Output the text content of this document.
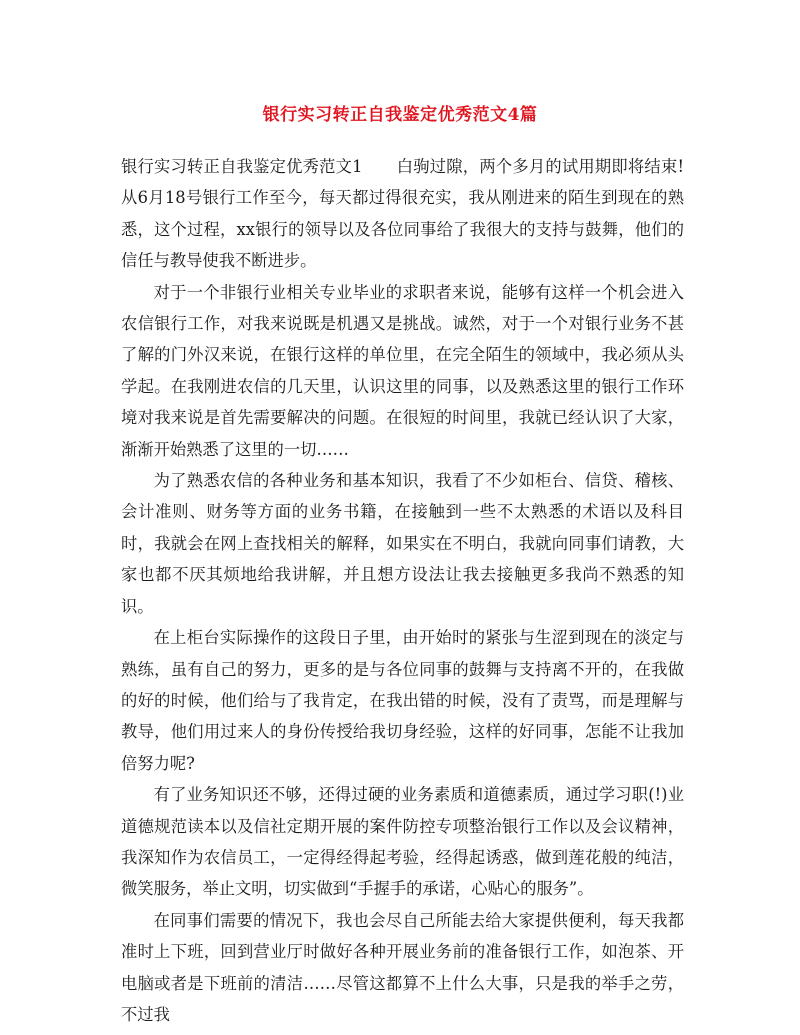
银行实习转正自我鉴定优秀范文4篇

银行实习转正自我鉴定优秀范文1 白驹过隙，两个多月的试用期即将结束!从6月18号银行工作至今，每天都过得很充实，我从刚进来的陌生到现在的熟悉，这个过程，xx银行的领导以及各位同事给了我很大的支持与鼓舞，他们的信任与教导使我不断进步。

对于一个非银行业相关专业毕业的求职者来说，能够有这样一个机会进入农信银行工作，对我来说既是机遇又是挑战。诚然，对于一个对银行业务不甚了解的门外汉来说，在银行这样的单位里，在完全陌生的领域中，我必须从头学起。在我刚进农信的几天里，认识这里的同事，以及熟悉这里的银行工作环境对我来说是首先需要解决的问题。在很短的时间里，我就已经认识了大家，渐渐开始熟悉了这里的一切……

为了熟悉农信的各种业务和基本知识，我看了不少如柜台、信贷、稽核、会计准则、财务等方面的业务书籍，在接触到一些不太熟悉的术语以及科目时，我就会在网上查找相关的解释，如果实在不明白，我就向同事们请教，大家也都不厌其烦地给我讲解，并且想方设法让我去接触更多我尚不熟悉的知识。

在上柜台实际操作的这段日子里，由开始时的紧张与生涩到现在的淡定与熟练，虽有自己的努力，更多的是与各位同事的鼓舞与支持离不开的，在我做的好的时候，他们给与了我肯定，在我出错的时候，没有了责骂，而是理解与教导，他们用过来人的身份传授给我切身经验，这样的好同事，怎能不让我加倍努力呢?

有了业务知识还不够，还得过硬的业务素质和道德素质，通过学习职(!)业道德规范读本以及信社定期开展的案件防控专项整治银行工作以及会议精神， 我深知作为农信员工，一定得经得起考验，经得起诱惑，做到莲花般的纯洁，微笑服务，举止文明，切实做到“手握手的承诺，心贴心的服务”。

在同事们需要的情况下，我也会尽自己所能去给大家提供便利，每天我都准时上下班，回到营业厅时做好各种开展业务前的准备银行工作，如泡茶、开电脑或者是下班前的清洁……尽管这都算不上什么大事，只是我的举手之劳，不过我
